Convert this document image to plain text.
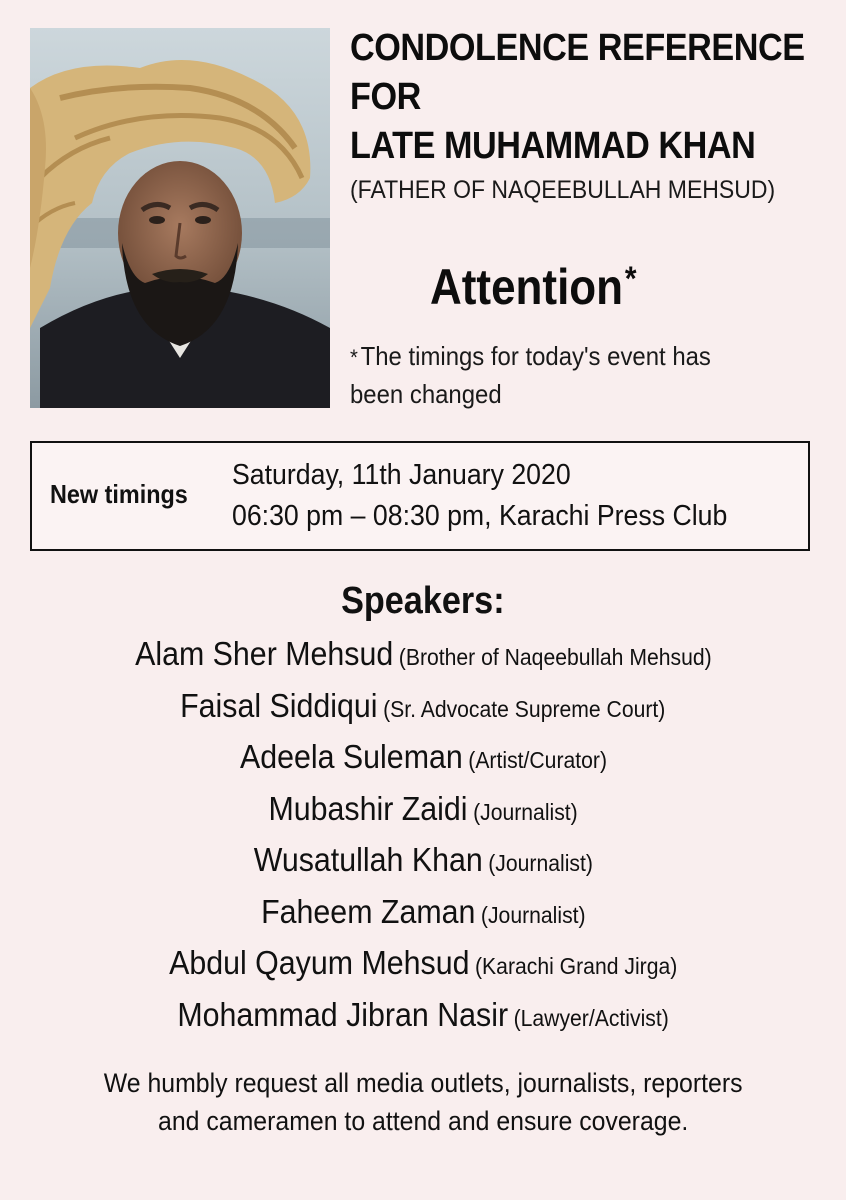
CONDOLENCE REFERENCE
FOR
LATE MUHAMMAD KHAN
(FATHER OF NAQEEBULLAH MEHSUD)
Attention*
* The timings for today's event has
been changed
New timings
Saturday, 11th January 2020
06:30 pm – 08:30 pm, Karachi Press Club
Speakers:
Alam Sher Mehsud (Brother of Naqeebullah Mehsud)
Faisal Siddiqui (Sr. Advocate Supreme Court)
Adeela Suleman (Artist/Curator)
Mubashir Zaidi (Journalist)
Wusatullah Khan (Journalist)
Faheem Zaman (Journalist)
Abdul Qayum Mehsud (Karachi Grand Jirga)
Mohammad Jibran Nasir (Lawyer/Activist)
We humbly request all media outlets, journalists, reporters
and cameramen to attend and ensure coverage.
